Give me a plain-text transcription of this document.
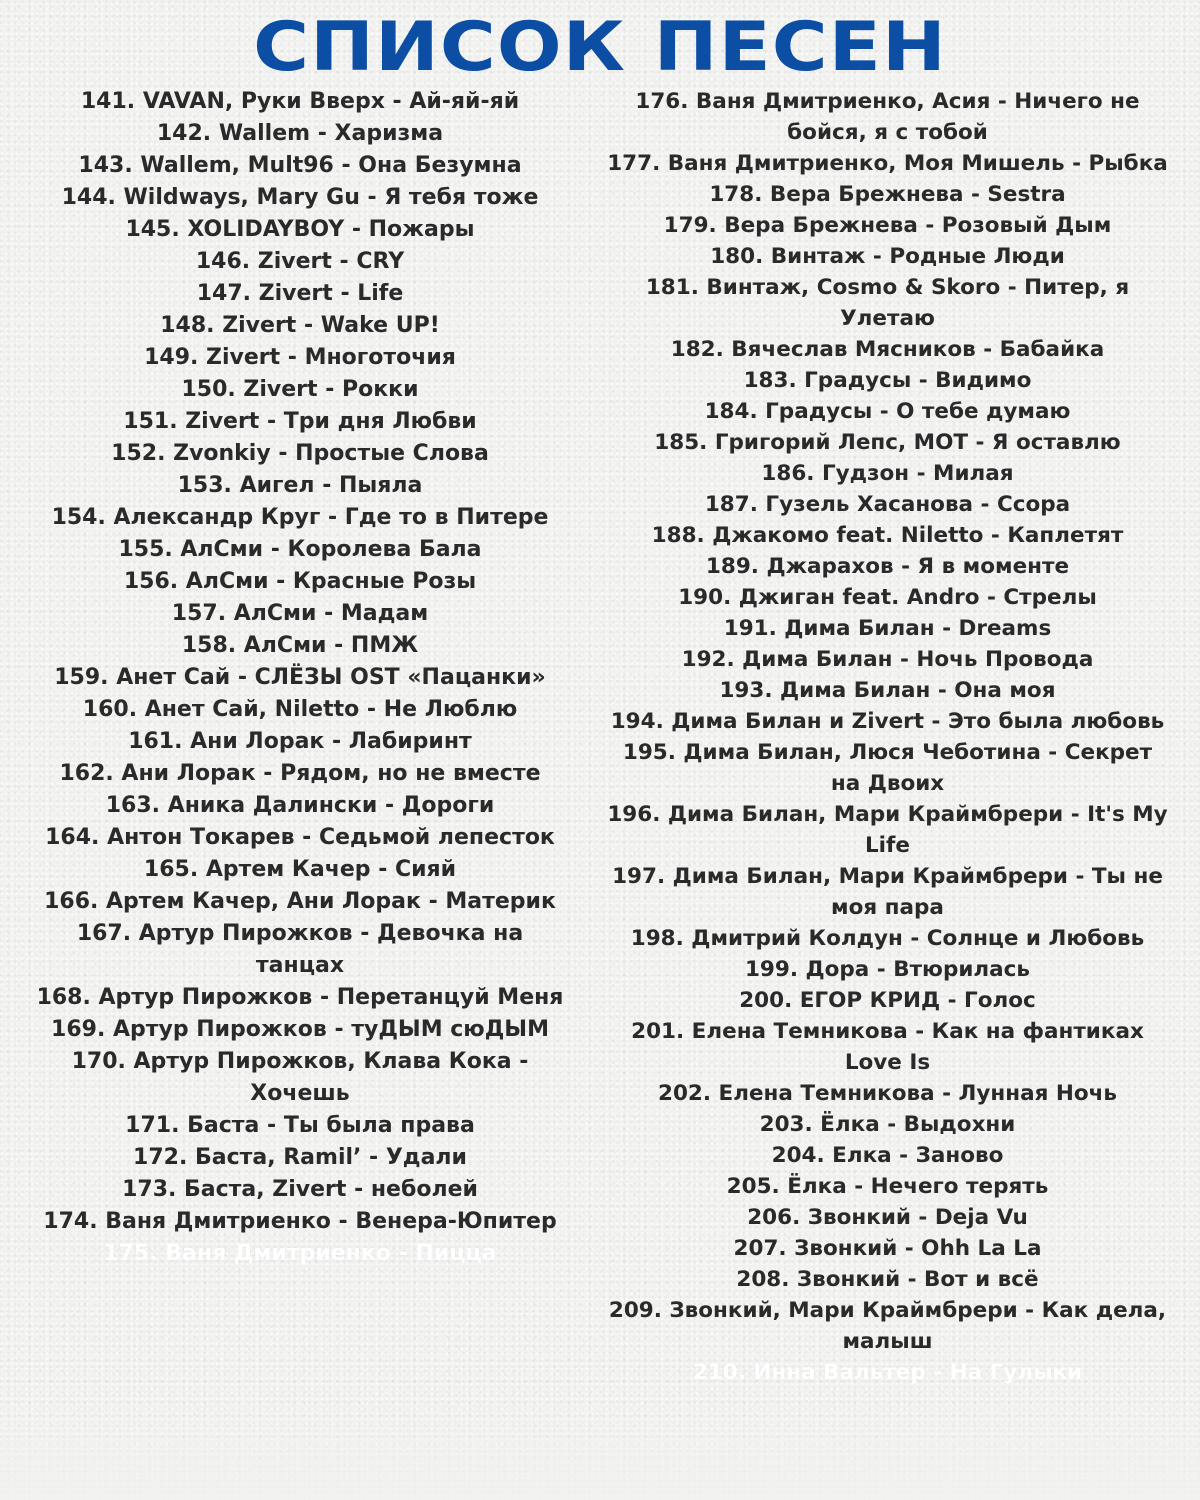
СПИСОК ПЕСЕН
141. VAVAN, Руки Вверх - Ай-яй-яй
142. Wallem - Харизма
143. Wallem, Mult96 - Она Безумна
144. Wildways, Mary Gu - Я тебя тоже
145. XOLIDAYBOY - Пожары
146. Zivert - CRY
147. Zivert - Life
148. Zivert - Wake UP!
149. Zivert - Многоточия
150. Zivert - Рокки
151. Zivert - Три дня Любви
152. Zvonkiy - Простые Слова
153. Аигел - Пыяла
154. Александр Круг - Где то в Питере
155. АлСми - Королева Бала
156. АлСми - Красные Розы
157. АлСми - Мадам
158. АлСми - ПМЖ
159. Анет Сай - СЛЁЗЫ OST «Пацанки»
160. Анет Сай, Niletto - Не Люблю
161. Ани Лорак - Лабиринт
162. Ани Лорак - Рядом, но не вместе
163. Аника Далински - Дороги
164. Антон Токарев - Седьмой лепесток
165. Артем Качер - Сияй
166. Артем Качер, Ани Лорак - Материк
167. Артур Пирожков - Девочка на танцах
168. Артур Пирожков - Перетанцуй Меня
169. Артур Пирожков - туДЫМ сюДЫМ
170. Артур Пирожков, Клава Кока - Хочешь
171. Баста - Ты была права
172. Баста, Ramil’ - Удали
173. Баста, Zivert - неболей
174. Ваня Дмитриенко - Венера-Юпитер
175. Ваня Дмитриенко - Пицца
176. Ваня Дмитриенко, Асия - Ничего не бойся, я с тобой
177. Ваня Дмитриенко, Моя Мишель - Рыбка
178. Вера Брежнева - Sestra
179. Вера Брежнева - Розовый Дым
180. Винтаж - Родные Люди
181. Винтаж, Cosmo & Skoro - Питер, я Улетаю
182. Вячеслав Мясников - Бабайка
183. Градусы - Видимо
184. Градусы - О тебе думаю
185. Григорий Лепс, MOT - Я оставлю
186. Гудзон - Милая
187. Гузель Хасанова - Ссора
188. Джакомо feat. Niletto - Каплетят
189. Джарахов - Я в моменте
190. Джиган feat. Andro - Стрелы
191. Дима Билан - Dreams
192. Дима Билан - Ночь Провода
193. Дима Билан - Она моя
194. Дима Билан и Zivert - Это была любовь
195. Дима Билан, Люся Чеботина - Секрет на Двоих
196. Дима Билан, Мари Краймбрери - It's My Life
197. Дима Билан, Мари Краймбрери - Ты не моя пара
198. Дмитрий Колдун - Солнце и Любовь
199. Дора - Втюрилась
200. ЕГОР КРИД - Голос
201. Елена Темникова - Как на фантиках Love Is
202. Елена Темникова - Лунная Ночь
203. Ёлка - Выдохни
204. Елка - Заново
205. Ёлка - Нечего терять
206. Звонкий - Deja Vu
207. Звонкий - Ohh La La
208. Звонкий - Вот и всё
209. Звонкий, Мари Краймбрери - Как дела, малыш
210. Инна Вальтер - На Гулыки
